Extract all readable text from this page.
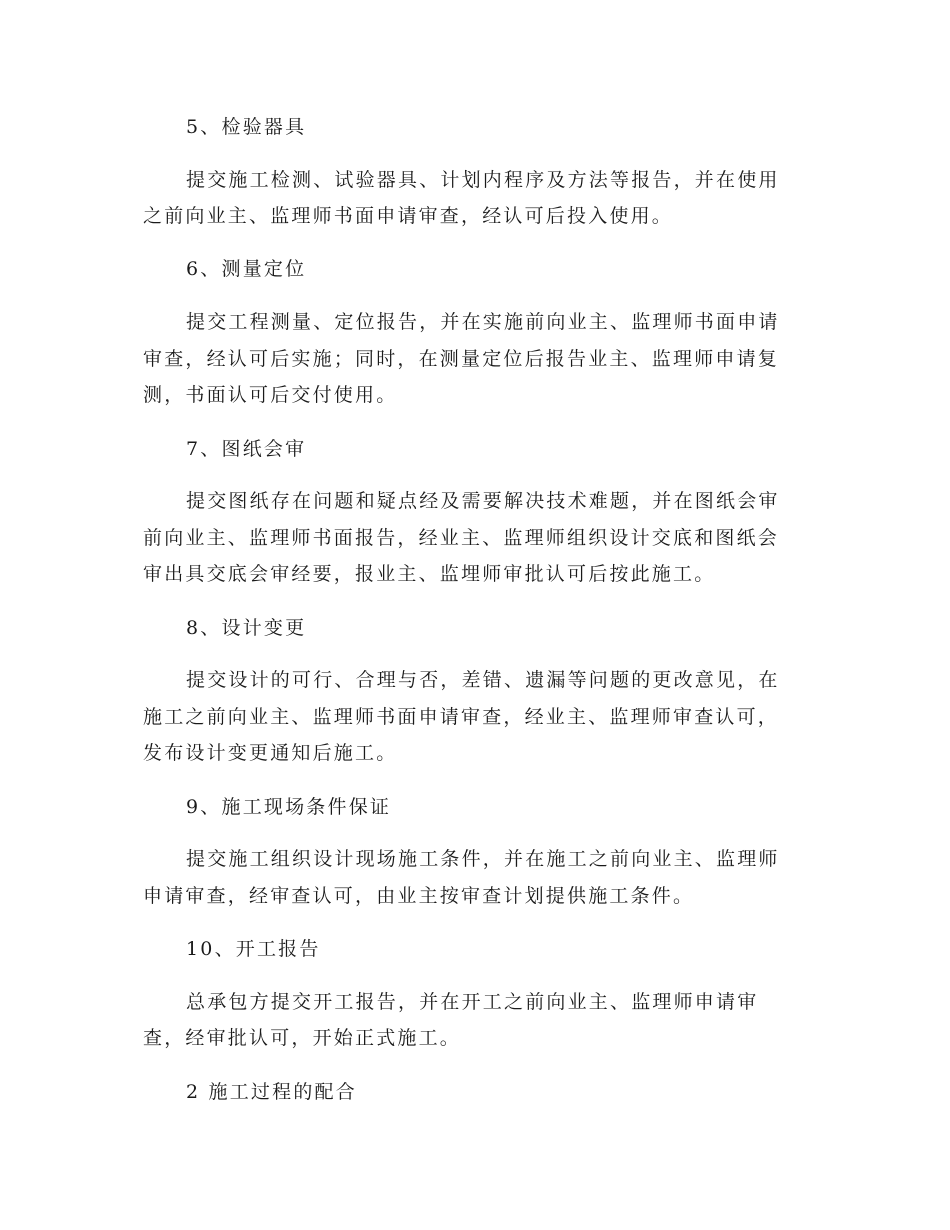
5、检验器具
提交施工检测、试验器具、计划内程序及方法等报告，并在使用
之前向业主、监理师书面申请审查，经认可后投入使用。
6、测量定位
提交工程测量、定位报告，并在实施前向业主、监理师书面申请
审查，经认可后实施；同时，在测量定位后报告业主、监理师申请复
测，书面认可后交付使用。
7、图纸会审
提交图纸存在问题和疑点经及需要解决技术难题，并在图纸会审
前向业主、监理师书面报告，经业主、监理师组织设计交底和图纸会
审出具交底会审经要，报业主、监埋师审批认可后按此施工。
8、设计变更
提交设计的可行、合理与否，差错、遗漏等问题的更改意见，在
施工之前向业主、监理师书面申请审查，经业主、监理师审查认可，
发布设计变更通知后施工。
9、施工现场条件保证
提交施工组织设计现场施工条件，并在施工之前向业主、监理师
申请审查，经审查认可，由业主按审查计划提供施工条件。
10、开工报告
总承包方提交开工报告，并在开工之前向业主、监理师申请审
查，经审批认可，开始正式施工。
2 施工过程的配合
